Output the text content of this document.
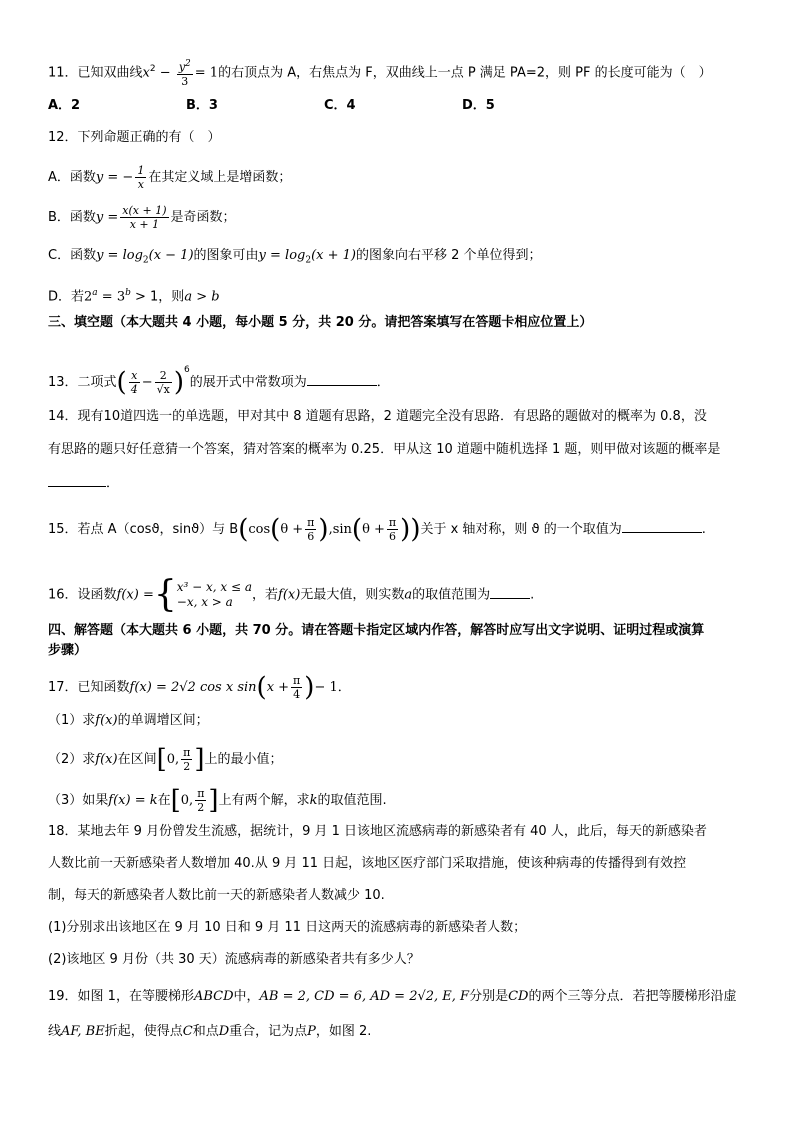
11．已知双曲线$x^2 - \frac{y^2}{3} = 1$的右顶点为 A，右焦点为 F，双曲线上一点 P 满足 PA=2，则 PF 的长度可能为（　）
A．2	B．3	C．4	D．5
12．下列命题正确的有（　）
A．函数y = − $\frac{1}{x}$ 在其定义域上是增函数；
B．函数$y = \frac{x(x + 1)}{x + 1}$ 是奇函数；
C．函数$y = \log_2(x - 1)$的图象可由$y = \log_2(x + 1)$的图象向右平移 2 个单位得到；
D．若$2^a = 3^b > 1$，则a > b
三、填空题（本大题共 4 小题，每小题 5 分，共 20 分。请把答案填写在答题卡相应位置上）
13．二项式( $\frac{x}{4} - \frac{2}{√x} )^6$的展开式中常数项为	．
14．现有10道四选一的单选题，甲对其中 8 道题有思路，2 道题完全没有思路．有思路的题做对的概率为 0.8，没
有思路的题只好任意猜一个答案，猜对答案的概率为 0.25．甲从这 10 道题中随机选择 1 题，则甲做对该题的概率是
．
15．若点 A（cosϑ，sinϑ）与 $B(\cos(\theta + \frac{\pi}{6} ),\sin(\theta + \frac{\pi}{6}$ ))关于 x 轴对称，则 ϑ 的一个取值为	.
16．设函数f(x) ={ x³ − x, x ≤ a
−x, x > a	，若f(x)无最大值，则实数a的取值范围为	.
四、解答题（本大题共 6 小题，共 70 分。请在答题卡指定区域内作答，解答时应写出文字说明、证明过程或演算
步骤）
17．已知函数f(x) = 2√2 cos x $\sin(x + \frac{\pi}{4}$ )− 1．
（1）求f(x)的单调增区间；
（2）求f(x)在区间[0, $\frac{\pi}{2}$ ]上的最小值；
（3）如果f(x) = k在[0, $\frac{\pi}{2}$ ]上有两个解，求k的取值范围.
18．某地去年 9 月份曾发生流感，据统计，9 月 1 日该地区流感病毒的新感染者有 40 人，此后，每天的新感染者
人数比前一天新感染者人数增加 40.从 9 月 11 日起，该地区医疗部门采取措施，使该种病毒的传播得到有效控
制，每天的新感染者人数比前一天的新感染者人数减少 10.
(1)分别求出该地区在 9 月 10 日和 9 月 11 日这两天的流感病毒的新感染者人数；
(2)该地区 9 月份（共 30 天）流感病毒的新感染者共有多少人？
19．如图 1，在等腰梯形ABCD中，AB = 2, CD = 6, AD = 2√2, E, F分别是CD的两个三等分点．若把等腰梯形沿虚
线AF, BE折起，使得点C和点D重合，记为点P，如图 2.
